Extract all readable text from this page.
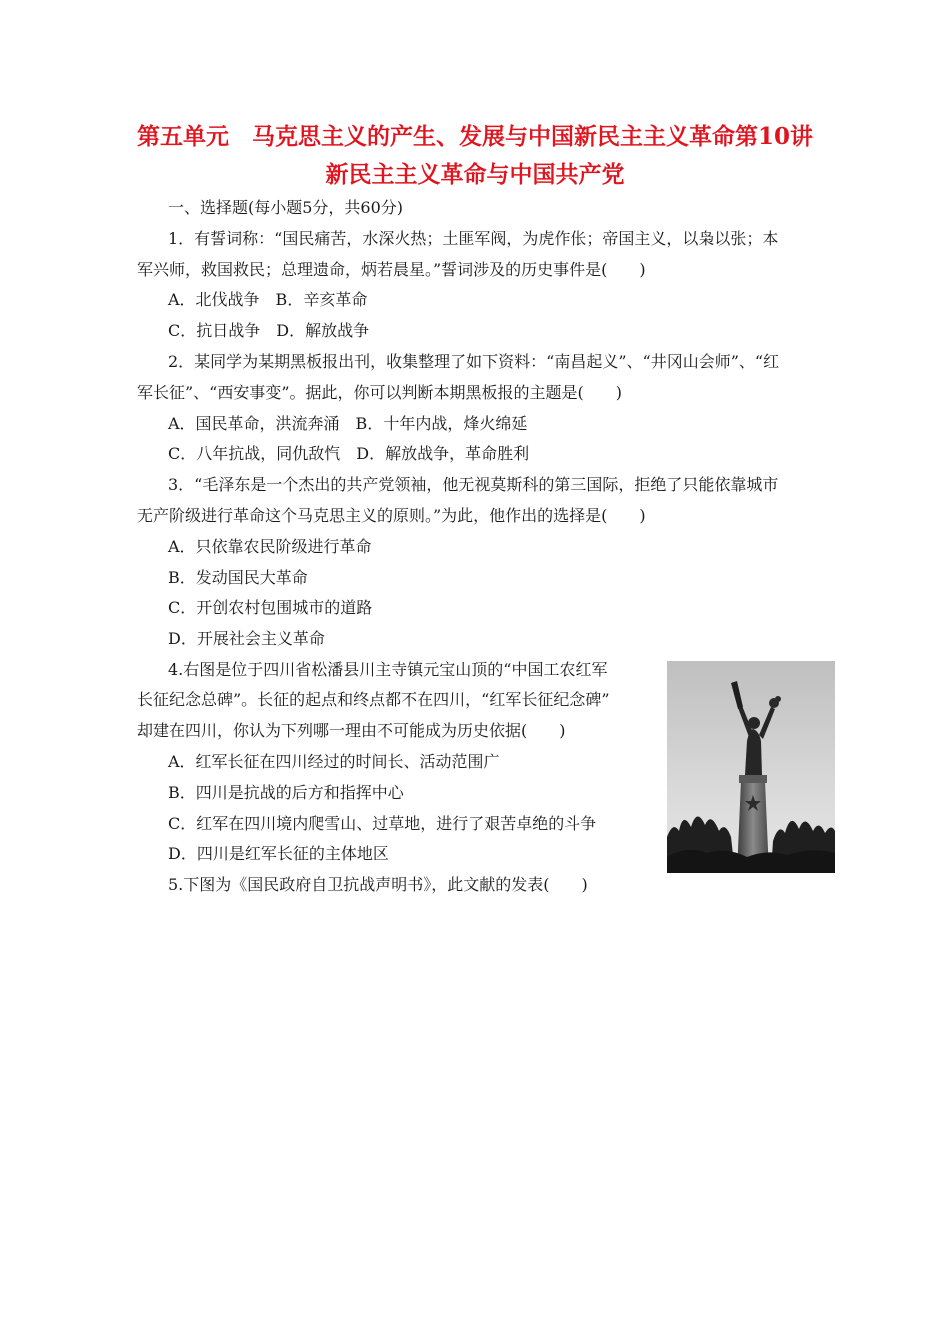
第五单元　马克思主义的产生、发展与中国新民主主义革命第10讲
新民主主义革命与中国共产党
一、选择题(每小题5分，共60分)
1．有誓词称：“国民痛苦，水深火热；土匪军阀，为虎作伥；帝国主义，以枭以张；本
军兴师，救国救民；总理遗命，炳若晨星。”誓词涉及的历史事件是(　　)
A．北伐战争　B．辛亥革命
C．抗日战争　D．解放战争
2．某同学为某期黑板报出刊，收集整理了如下资料：“南昌起义”、“井冈山会师”、“红
军长征”、“西安事变”。据此，你可以判断本期黑板报的主题是(　　)
A．国民革命，洪流奔涌　B．十年内战，烽火绵延
C．八年抗战，同仇敌忾　D．解放战争，革命胜利
3．“毛泽东是一个杰出的共产党领袖，他无视莫斯科的第三国际，拒绝了只能依靠城市
无产阶级进行革命这个马克思主义的原则。”为此，他作出的选择是(　　)
A．只依靠农民阶级进行革命
B．发动国民大革命
C．开创农村包围城市的道路
D．开展社会主义革命
4.右图是位于四川省松潘县川主寺镇元宝山顶的“中国工农红军
长征纪念总碑”。长征的起点和终点都不在四川，“红军长征纪念碑”
却建在四川，你认为下列哪一理由不可能成为历史依据(　　)
A．红军长征在四川经过的时间长、活动范围广
B．四川是抗战的后方和指挥中心
C．红军在四川境内爬雪山、过草地，进行了艰苦卓绝的斗争
D．四川是红军长征的主体地区
5.下图为《国民政府自卫抗战声明书》，此文献的发表(　　)
